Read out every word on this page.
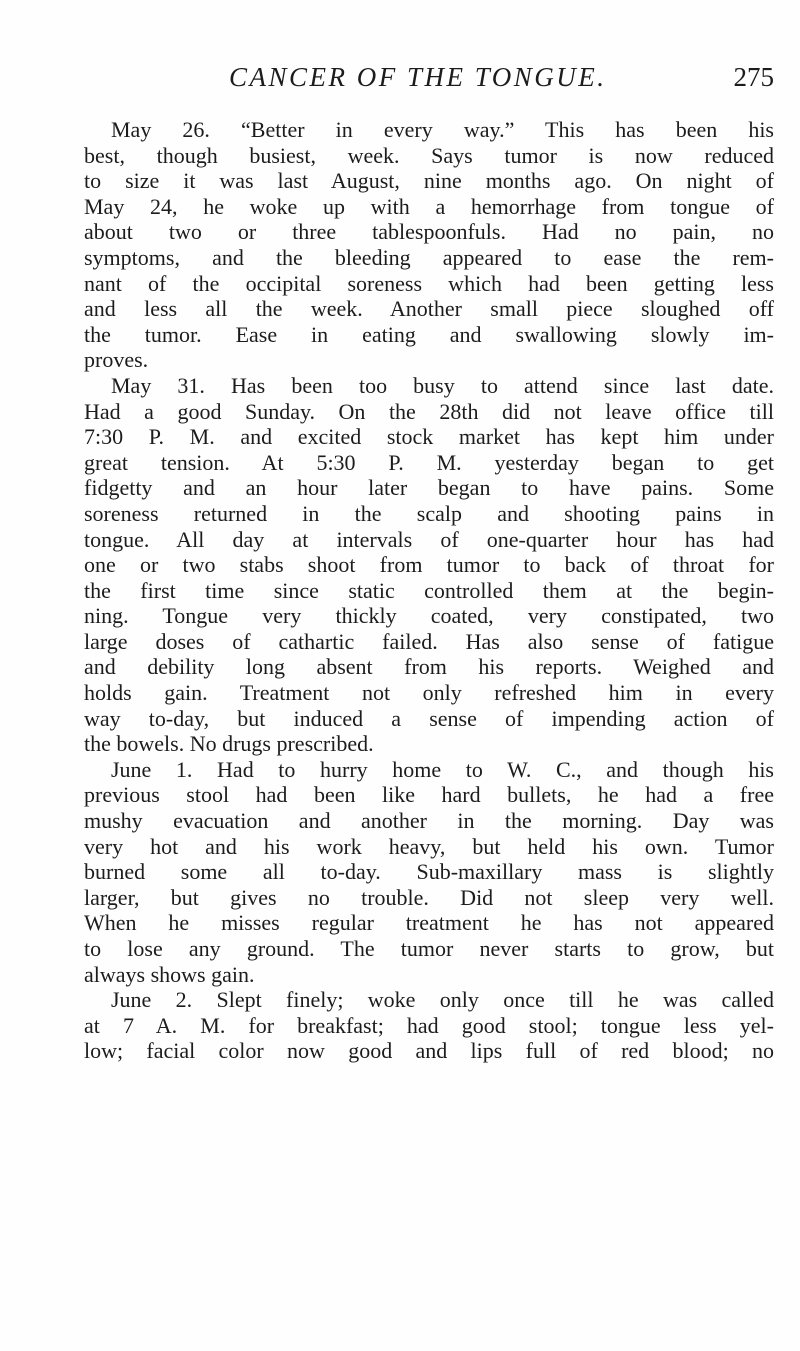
CANCER OF THE TONGUE.	275
May 26. “Better in every way.” This has been his
best, though busiest, week. Says tumor is now reduced
to size it was last August, nine months ago. On night of
May 24, he woke up with a hemorrhage from tongue of
about two or three tablespoonfuls. Had no pain, no
symptoms, and the bleeding appeared to ease the rem-
nant of the occipital soreness which had been getting less
and less all the week. Another small piece sloughed off
the tumor. Ease in eating and swallowing slowly im-
proves.
May 31. Has been too busy to attend since last date.
Had a good Sunday. On the 28th did not leave office till
7:30 P. M. and excited stock market has kept him under
great tension. At 5:30 P. M. yesterday began to get
fidgetty and an hour later began to have pains. Some
soreness returned in the scalp and shooting pains in
tongue. All day at intervals of one-quarter hour has had
one or two stabs shoot from tumor to back of throat for
the first time since static controlled them at the begin-
ning. Tongue very thickly coated, very constipated, two
large doses of cathartic failed. Has also sense of fatigue
and debility long absent from his reports. Weighed and
holds gain. Treatment not only refreshed him in every
way to-day, but induced a sense of impending action of
the bowels. No drugs prescribed.
June 1. Had to hurry home to W. C., and though his
previous stool had been like hard bullets, he had a free
mushy evacuation and another in the morning. Day was
very hot and his work heavy, but held his own. Tumor
burned some all to-day. Sub-maxillary mass is slightly
larger, but gives no trouble. Did not sleep very well.
When he misses regular treatment he has not appeared
to lose any ground. The tumor never starts to grow, but
always shows gain.
June 2. Slept finely; woke only once till he was called
at 7 A. M. for breakfast; had good stool; tongue less yel-
low; facial color now good and lips full of red blood; no
